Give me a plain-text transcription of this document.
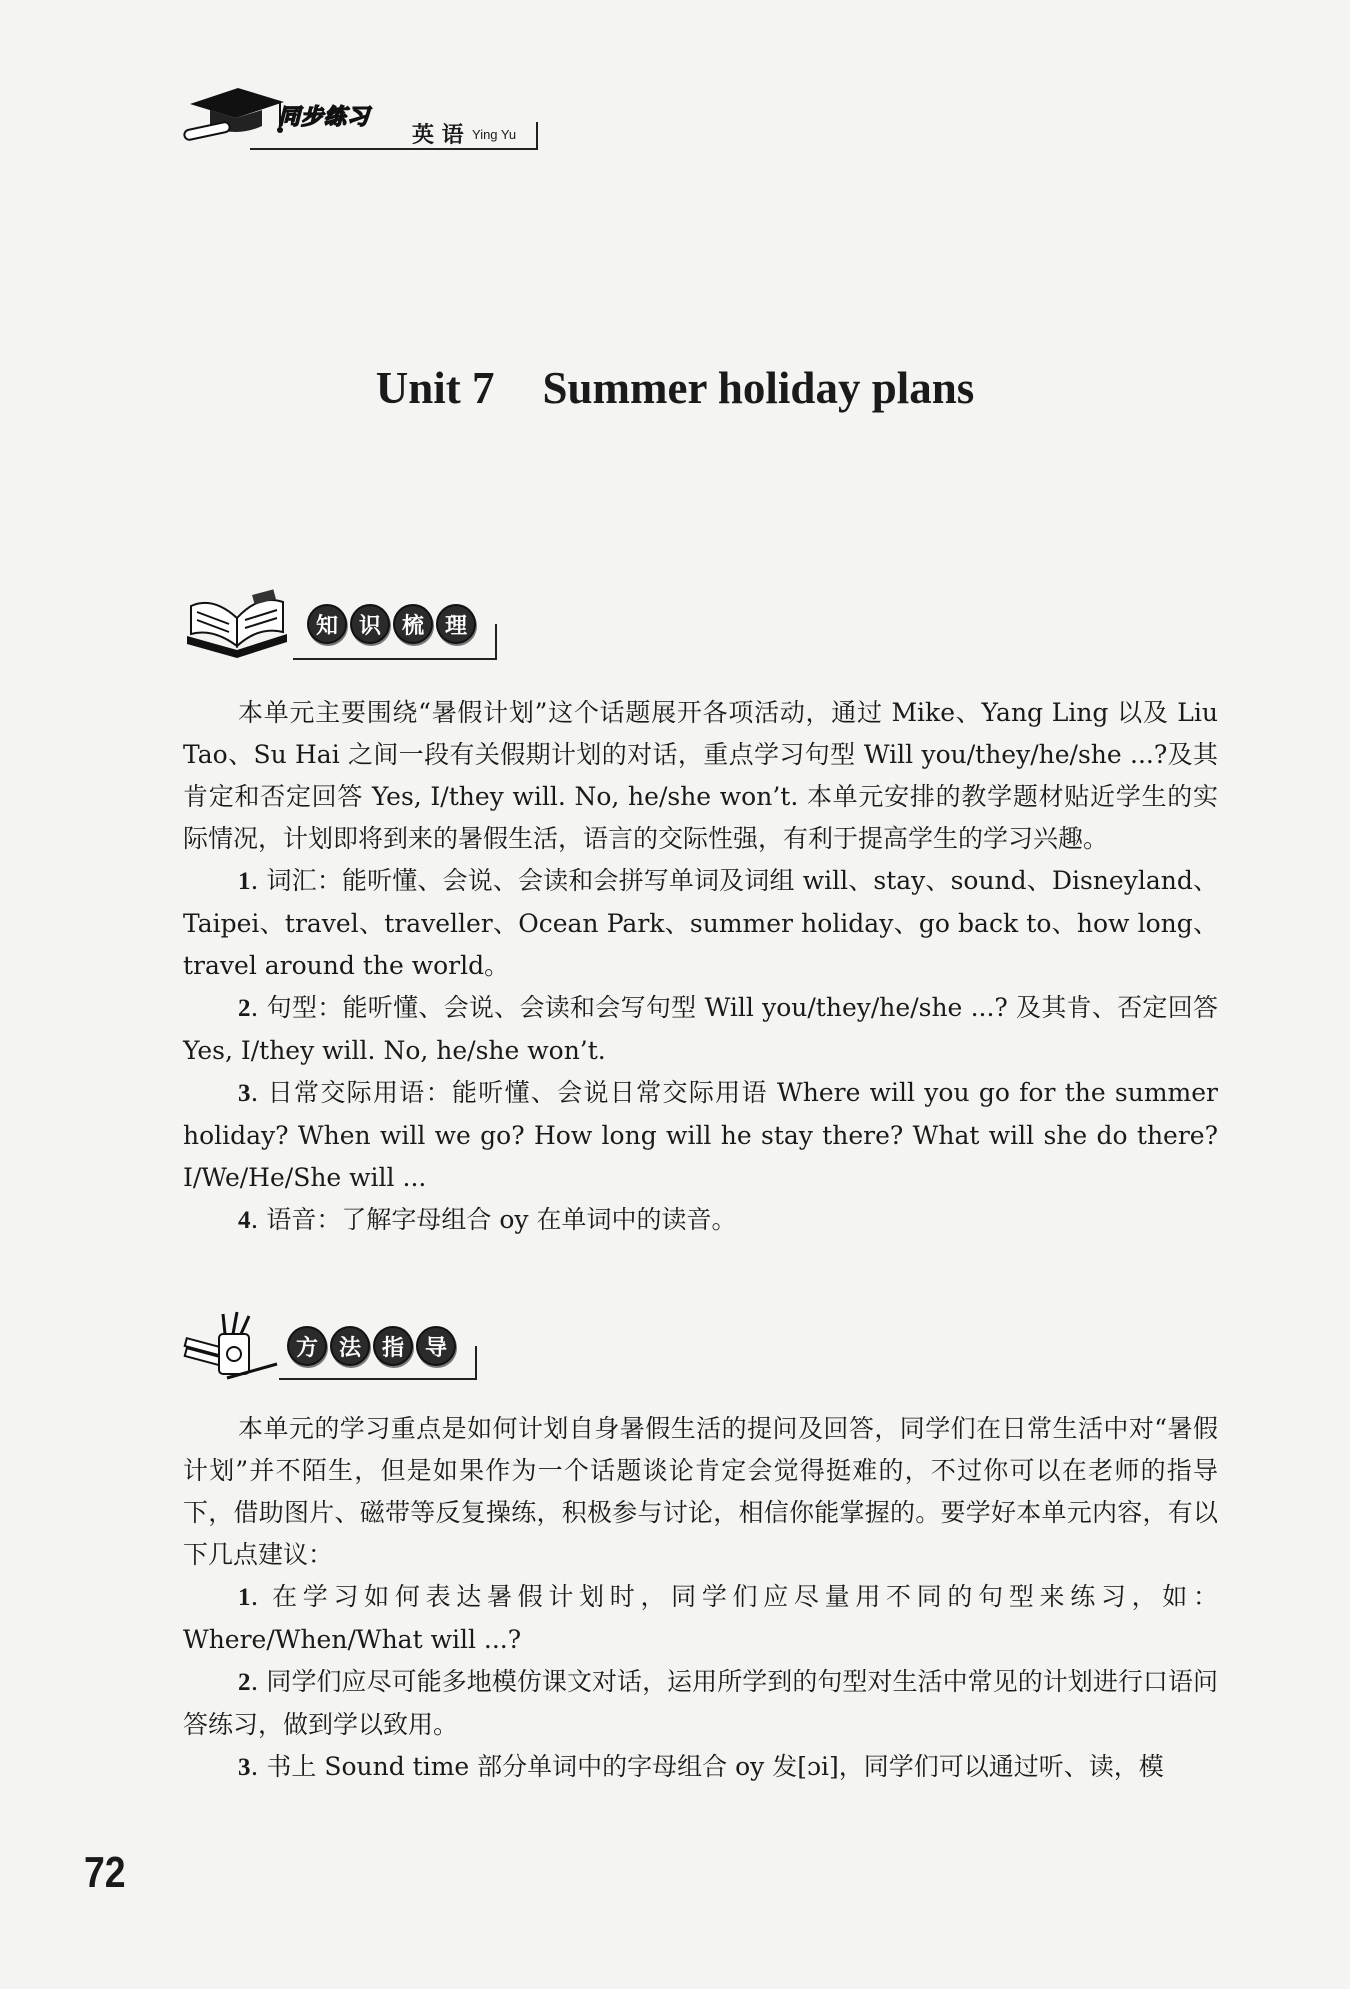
同步练习
英 语 Ying Yu
Unit 7 Summer holiday plans
知 识 梳 理

本单元主要围绕“暑假计划”这个话题展开各项活动，通过 Mike、Yang Ling 以及 Liu Tao、Su Hai 之间一段有关假期计划的对话，重点学习句型 Will you/they/he/she ...?及其肯定和否定回答 Yes, I/they will. No, he/she won’t. 本单元安排的教学题材贴近学生的实际情况，计划即将到来的暑假生活，语言的交际性强，有利于提高学生的学习兴趣。

1. 词汇：能听懂、会说、会读和会拼写单词及词组 will、stay、sound、Disneyland、Taipei、travel、traveller、Ocean Park、summer holiday、go back to、how long、travel around the world。

2. 句型：能听懂、会说、会读和会写句型 Will you/they/he/she ...? 及其肯、否定回答 Yes, I/they will. No, he/she won’t.

3. 日常交际用语：能听懂、会说日常交际用语 Where will you go for the summer holiday? When will we go? How long will he stay there? What will she do there? I/We/He/She will ...

4. 语音：了解字母组合 oy 在单词中的读音。

方 法 指 导

本单元的学习重点是如何计划自身暑假生活的提问及回答，同学们在日常生活中对“暑假计划”并不陌生，但是如果作为一个话题谈论肯定会觉得挺难的，不过你可以在老师的指导下，借助图片、磁带等反复操练，积极参与讨论，相信你能掌握的。要学好本单元内容，有以下几点建议：

1. 在学习如何表达暑假计划时，同学们应尽量用不同的句型来练习，如：Where/When/What will ...?

2. 同学们应尽可能多地模仿课文对话，运用所学到的句型对生活中常见的计划进行口语问答练习，做到学以致用。

3. 书上 Sound time 部分单词中的字母组合 oy 发[ɔi]，同学们可以通过听、读，模

72
